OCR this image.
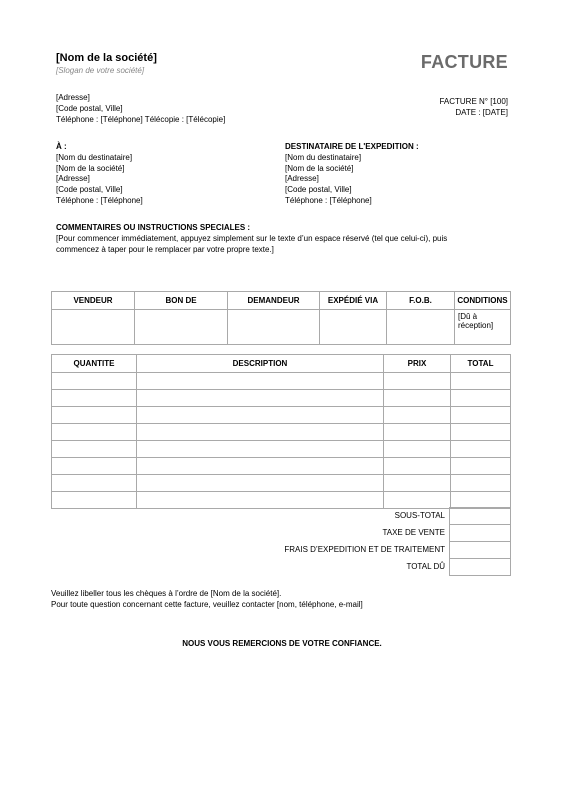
[Nom de la société]
[Slogan de votre société]	FACTURE
[Adresse]
[Code postal, Ville]
Téléphone : [Téléphone] Télécopie : [Télécopie]
FACTURE N° [100]
DATE : [DATE]
À :
[Nom du destinataire]
[Nom de la société]
[Adresse]
[Code postal, Ville]
Téléphone : [Téléphone]
DESTINATAIRE DE L'EXPEDITION :
[Nom du destinataire]
[Nom de la société]
[Adresse]
[Code postal, Ville]
Téléphone : [Téléphone]
COMMENTAIRES OU INSTRUCTIONS SPECIALES :
[Pour commencer immédiatement, appuyez simplement sur le texte d’un espace réservé (tel que celui-ci), puis
commencez à taper pour le remplacer par votre propre texte.]
VENDEUR	BON DE	DEMANDEUR	EXPÉDIÉ VIA	F.O.B.	CONDITIONS

					[Dû à
réception]
QUANTITE	DESCRIPTION	PRIX	TOTAL

SOUS-TOTAL
TAXE DE VENTE
FRAIS D’EXPEDITION ET DE TRAITEMENT
TOTAL DÛ
Veuillez libeller tous les chèques à l’ordre de [Nom de la société].
Pour toute question concernant cette facture, veuillez contacter [nom, téléphone, e-mail]
NOUS VOUS REMERCIONS DE VOTRE CONFIANCE.
